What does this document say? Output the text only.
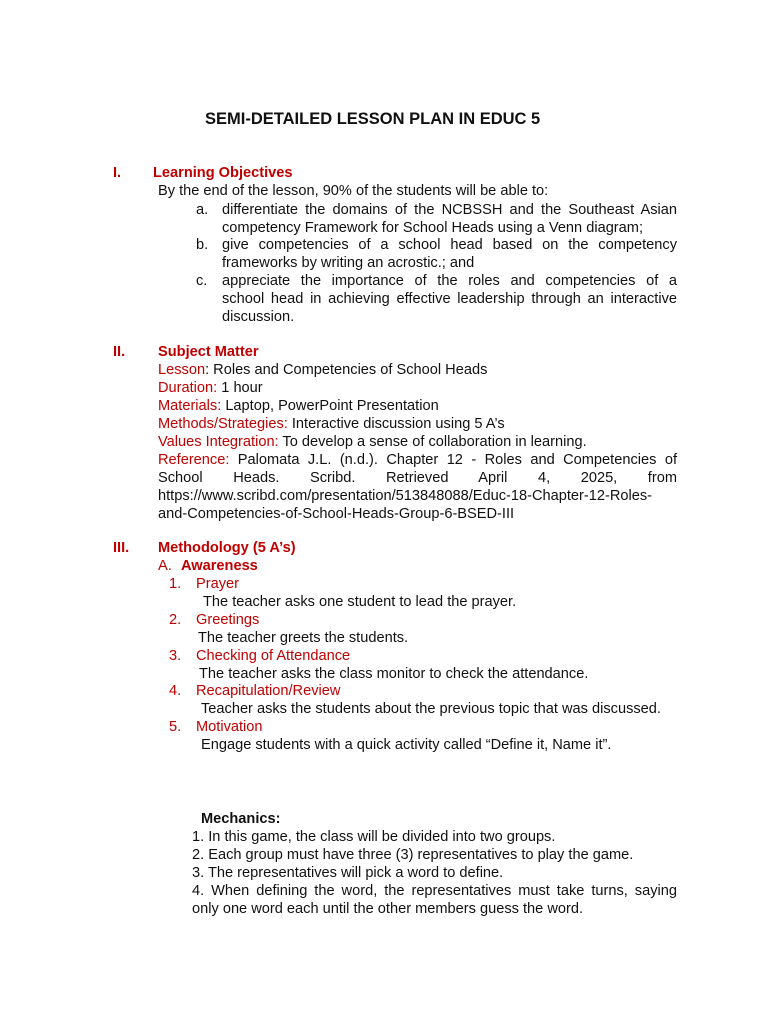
SEMI-DETAILED LESSON PLAN IN EDUC 5
I. Learning Objectives
By the end of the lesson, 90% of the students will be able to:
a. differentiate the domains of the NCBSSH and the Southeast Asian
competency Framework for School Heads using a Venn diagram;
b. give competencies of a school head based on the competency
frameworks by writing an acrostic.; and
c. appreciate the importance of the roles and competencies of a
school head in achieving effective leadership through an interactive
discussion.
II. Subject Matter
Lesson: Roles and Competencies of School Heads
Duration: 1 hour
Materials: Laptop, PowerPoint Presentation
Methods/Strategies: Interactive discussion using 5 A’s
Values Integration: To develop a sense of collaboration in learning.
Reference: Palomata J.L. (n.d.). Chapter 12 - Roles and Competencies of
School Heads. Scribd. Retrieved April 4, 2025, from
https://www.scribd.com/presentation/513848088/Educ-18-Chapter-12-Roles-
and-Competencies-of-School-Heads-Group-6-BSED-III
III. Methodology (5 A’s)
A. Awareness
1. Prayer
The teacher asks one student to lead the prayer.
2. Greetings
The teacher greets the students.
3. Checking of Attendance
The teacher asks the class monitor to check the attendance.
4. Recapitulation/Review
Teacher asks the students about the previous topic that was discussed.
5. Motivation
Engage students with a quick activity called “Define it, Name it”.
Mechanics:
1. In this game, the class will be divided into two groups.
2. Each group must have three (3) representatives to play the game.
3. The representatives will pick a word to define.
4. When defining the word, the representatives must take turns, saying
only one word each until the other members guess the word.
